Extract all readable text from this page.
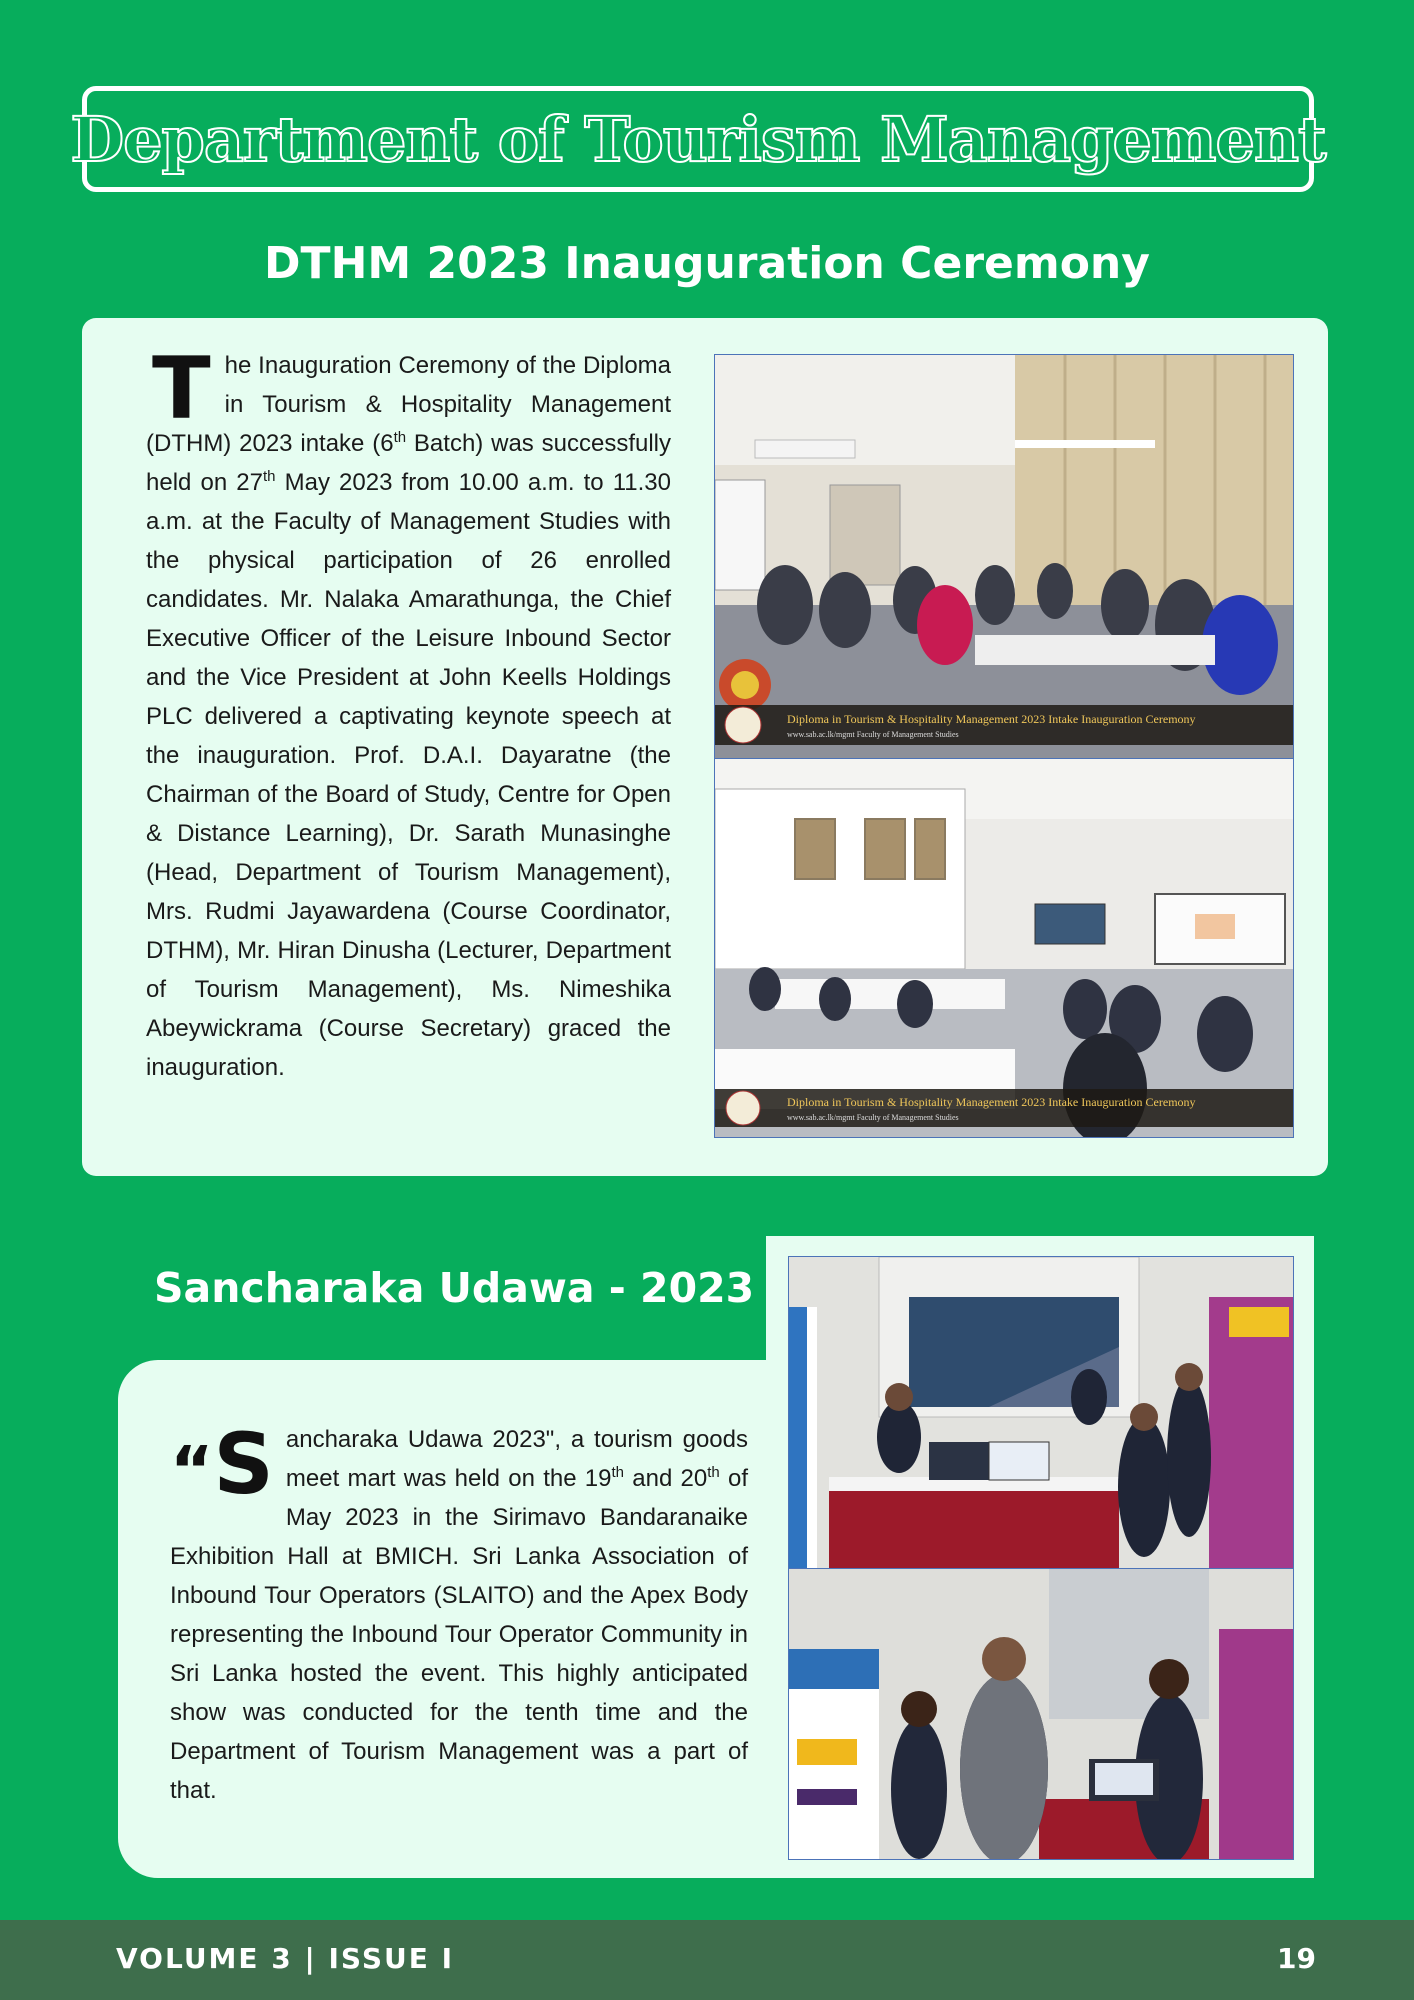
Department of Tourism Management
DTHM 2023 Inauguration Ceremony
The Inauguration Ceremony of the Diploma in Tourism & Hospitality Management (DTHM) 2023 intake (6th Batch) was successfully held on 27th May 2023 from 10.00 a.m. to 11.30 a.m. at the Faculty of Management Studies with the physical participation of 26 enrolled candidates. Mr. Nalaka Amarathunga, the Chief Executive Officer of the Leisure Inbound Sector and the Vice President at John Keells Holdings PLC delivered a captivating keynote speech at the inauguration. Prof. D.A.I. Dayaratne (the Chairman of the Board of Study, Centre for Open & Distance Learning), Dr. Sarath Munasinghe (Head, Department of Tourism Management), Mrs. Rudmi Jayawardena (Course Coordinator, DTHM), Mr. Hiran Dinusha (Lecturer, Department of Tourism Management), Ms. Nimeshika Abeywickrama (Course Secretary) graced the inauguration.
Diploma in Tourism & Hospitality Management 2023 Intake Inauguration Ceremony
www.sab.ac.lk/mgmt Faculty of Management Studies
Diploma in Tourism & Hospitality Management 2023 Intake Inauguration Ceremony
www.sab.ac.lk/mgmt Faculty of Management Studies
Sancharaka Udawa - 2023
“S ancharaka Udawa 2023", a tourism goods meet mart was held on the 19th and 20th of May 2023 in the Sirimavo Bandaranaike Exhibition Hall at BMICH. Sri Lanka Association of Inbound Tour Operators (SLAITO) and the Apex Body representing the Inbound Tour Operator Community in Sri Lanka hosted the event. This highly anticipated show was conducted for the tenth time and the Department of Tourism Management was a part of that.
VOLUME 3 | ISSUE I	19
